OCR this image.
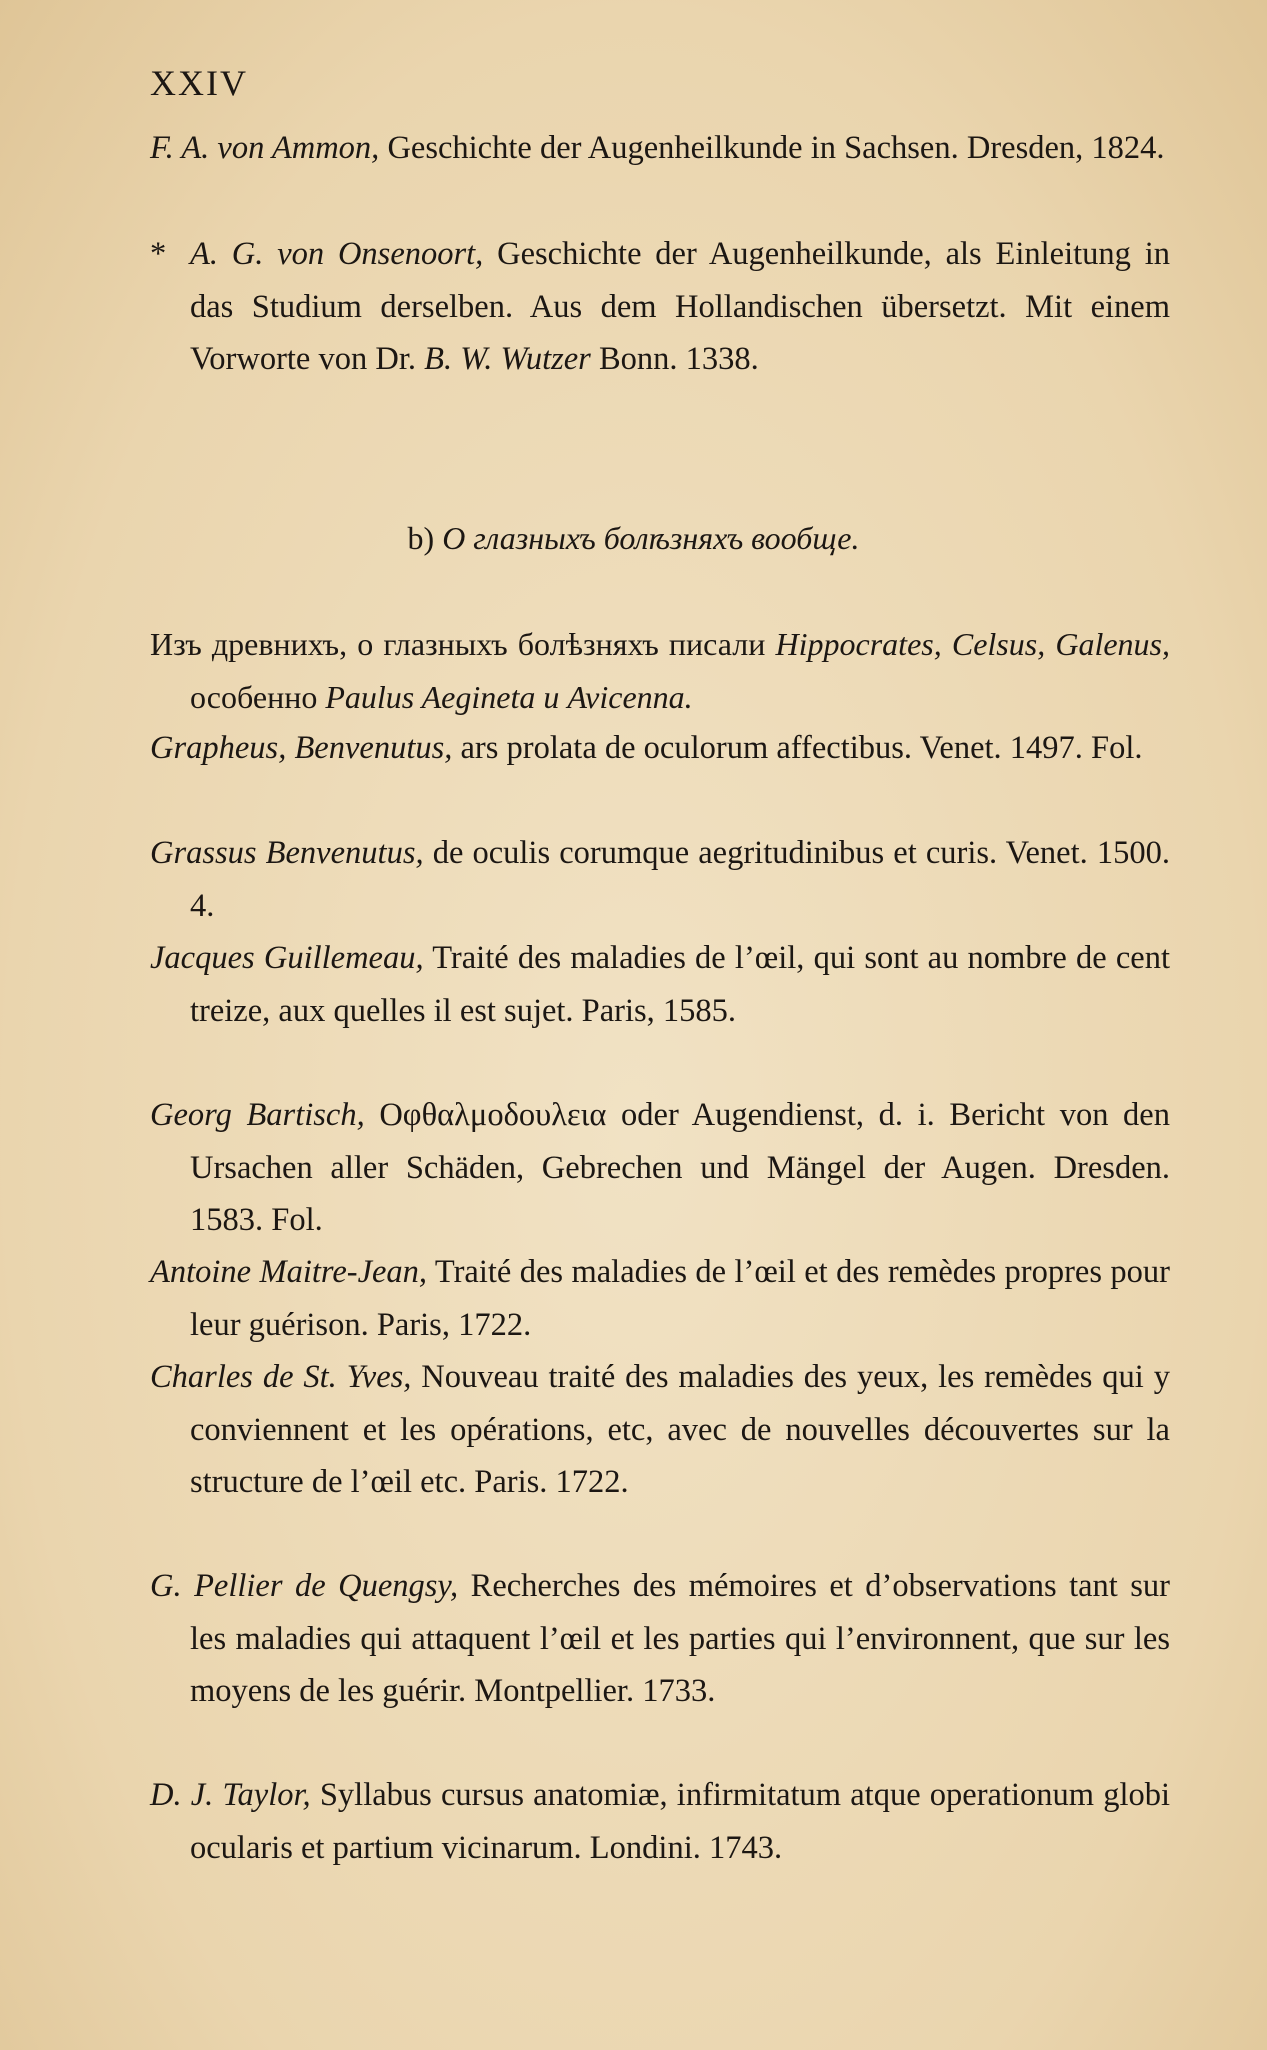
XXIV

F. A. von Ammon, Geschichte der Augenheilkunde in Sachsen. Dresden, 1824.

* A. G. von Onsenoort, Geschichte der Augenheilkunde, als Einleitung in das Studium derselben. Aus dem Hollandischen übersetzt. Mit einem Vorworte von Dr. B. W. Wutzer Bonn. 1338.

b) О глазныхъ болѣзняхъ вообще.

Изъ древнихъ, о глазныхъ болѣзняхъ писали Hippocrates, Celsus, Galenus, особенно Paulus Aegineta и Avicenna.

Grapheus, Benvenutus, ars prolata de oculorum affectibus. Venet. 1497. Fol.

Grassus Benvenutus, de oculis corumque aegritudinibus et curis. Venet. 1500. 4.

Jacques Guillemeau, Traité des maladies de l’œil, qui sont au nombre de cent treize, aux quelles il est sujet. Paris, 1585.

Georg Bartisch, Οφθαλμοδουλεια oder Augendienst, d. i. Bericht von den Ursachen aller Schäden, Gebrechen und Mängel der Augen. Dresden. 1583. Fol.

Antoine Maitre-Jean, Traité des maladies de l’œil et des remèdes propres pour leur guérison. Paris, 1722.

Charles de St. Yves, Nouveau traité des maladies des yeux, les remèdes qui y conviennent et les opérations, etc, avec de nouvelles découvertes sur la structure de l’œil etc. Paris. 1722.

G. Pellier de Quengsy, Recherches des mémoires et d’observations tant sur les maladies qui attaquent l’œil et les parties qui l’environnent, que sur les moyens de les guérir. Montpellier. 1733.

D. J. Taylor, Syllabus cursus anatomiæ, infirmitatum atque operationum globi ocularis et partium vicinarum. Londini. 1743.
